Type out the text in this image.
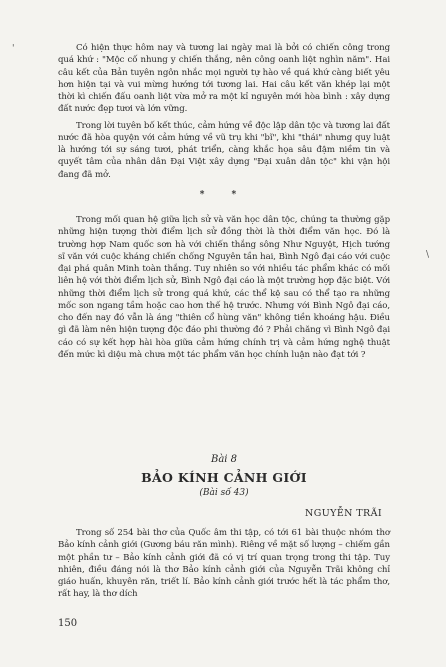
'
\

Có hiện thực hôm nay và tương lai ngày mai là bởi có chiến công trong quá khứ : "Mộc cố nhung y chiến thắng, nên công oanh liệt nghìn năm". Hai câu kết của Bản tuyên ngôn nhắc mọi người tự hào về quá khứ càng biết yêu hơn hiện tại và vui mừng hướng tới tương lai. Hai câu kết văn khép lại một thời kì chiến đấu oanh liệt vừa mở ra một kỉ nguyên mới hòa bình : xây dựng đất nước đẹp tươi và lớn vững.

Trong lời tuyên bố kết thúc, cảm hứng về độc lập dân tộc và tương lai đất nước đã hòa quyện với cảm hứng về vũ trụ khi "bĩ", khi "thái" nhưng quy luật là hướng tới sự sáng tươi, phát triển, càng khắc họa sâu đậm niềm tin và quyết tâm của nhân dân Đại Việt xây dựng "Đại xuân dân tộc" khi vận hội đang đã mở.

* *

Trong mối quan hệ giữa lịch sử và văn học dân tộc, chúng ta thường gặp những hiện tượng thời điểm lịch sử đồng thời là thời điểm văn học. Đó là trường hợp Nam quốc sơn hà với chiến thắng sông Như Nguyệt, Hịch tướng sĩ văn với cuộc kháng chiến chống Nguyên tần hai, Bình Ngô đại cáo với cuộc đại phá quân Minh toàn thắng. Tuy nhiên so với nhiều tác phẩm khác có mối liên hệ với thời điểm lịch sử, Bình Ngô đại cáo là một trường hợp đặc biệt. Với những thời điểm lịch sử trong quá khứ, các thể kệ sau có thể tạo ra những mốc son ngang tầm hoặc cao hơn thế hệ trước. Nhưng với Bình Ngô đại cáo, cho đến nay đó vẫn là áng "thiên cổ hùng văn" không tiền khoáng hậu. Điều gì đã làm nên hiện tượng độc đáo phi thường đó ? Phải chăng vì Bình Ngô đại cáo có sự kết hợp hài hòa giữa cảm hứng chính trị và cảm hứng nghệ thuật đến mức kì diệu mà chưa một tác phẩm văn học chính luận nào đạt tới ?

Bài 8
BẢO KÍNH CẢNH GIỚI
(Bài số 43)
NGUYỄN TRÃI

Trong số 254 bài thơ của Quốc âm thi tập, có tới 61 bài thuộc nhóm thơ Bảo kính cảnh giới (Gương báu răn mình). Riêng về mặt số lượng – chiếm gần một phần tư – Bảo kính cảnh giới đã có vị trí quan trọng trong thi tập. Tuy nhiên, điều đáng nói là thơ Bảo kính cảnh giới của Nguyễn Trãi không chỉ giáo huấn, khuyên răn, triết lí. Bảo kính cảnh giới trước hết là tác phẩm thơ, rất hay, là thơ dích

150
